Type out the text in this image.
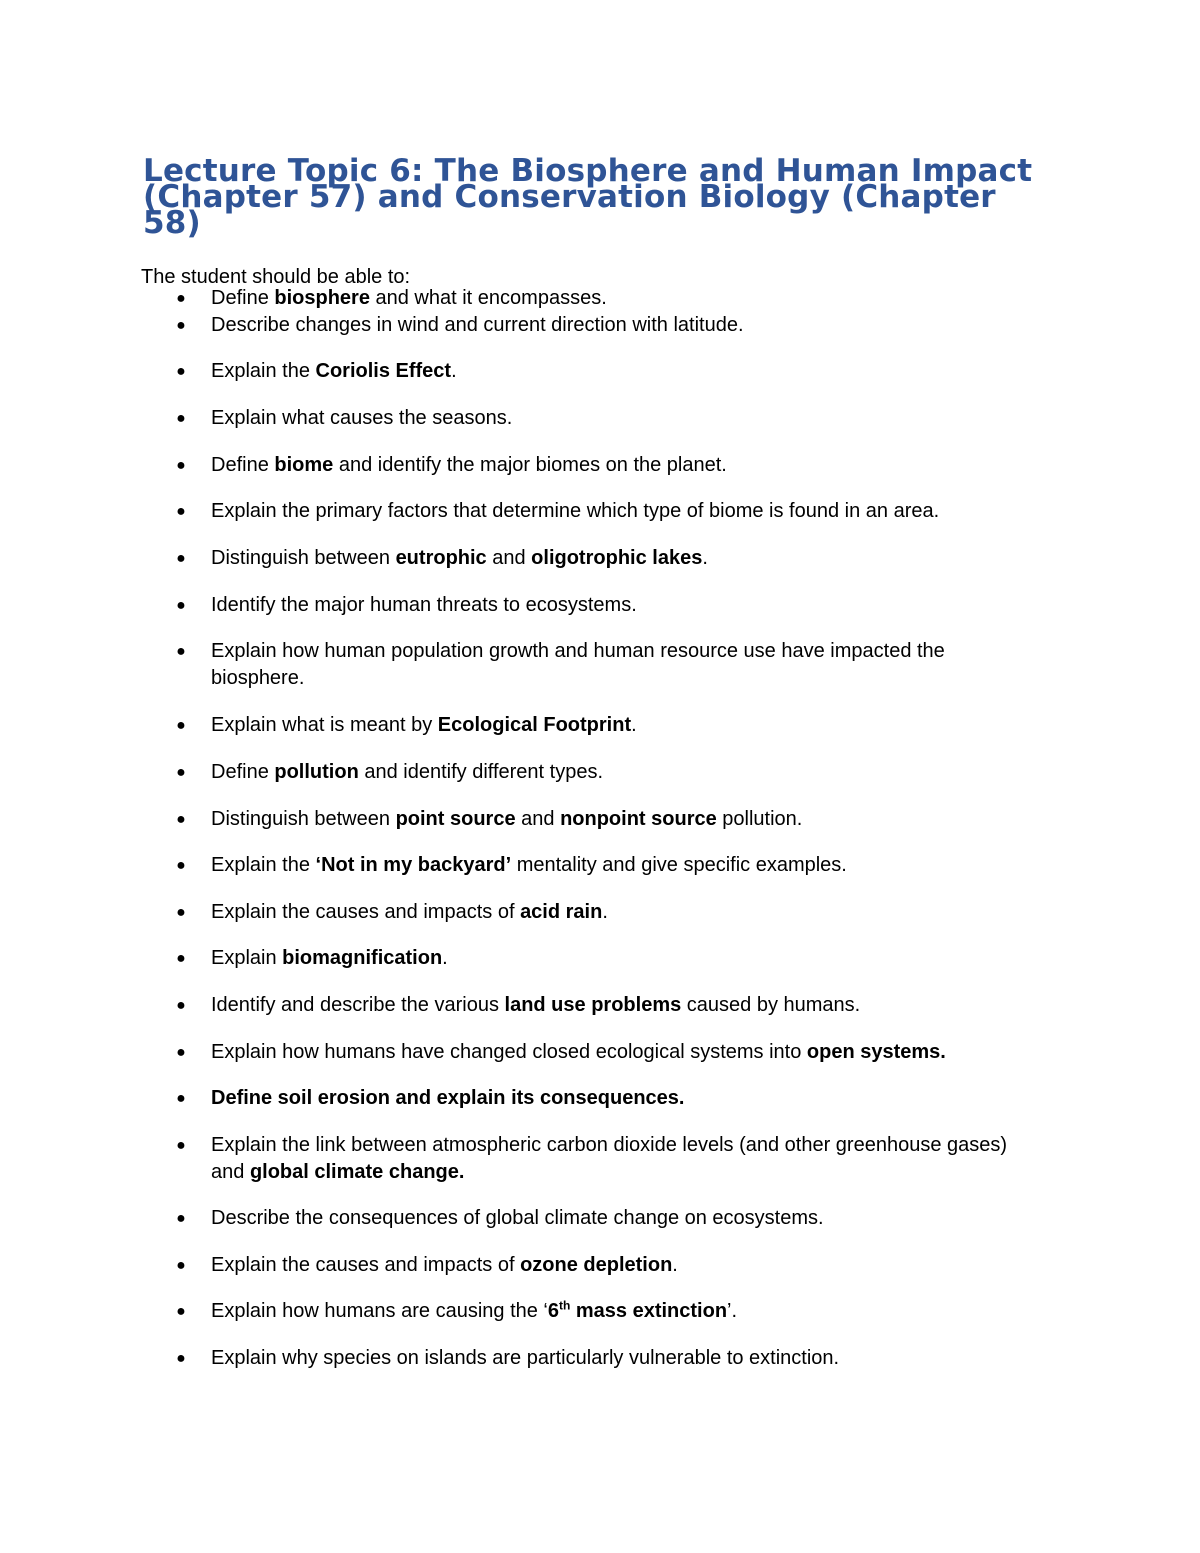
Lecture Topic 6: The Biosphere and Human Impact (Chapter 57) and Conservation Biology (Chapter 58)

The student should be able to:

● Define biosphere and what it encompasses.
● Describe changes in wind and current direction with latitude.
● Explain the Coriolis Effect.
● Explain what causes the seasons.
● Define biome and identify the major biomes on the planet.
● Explain the primary factors that determine which type of biome is found in an area.
● Distinguish between eutrophic and oligotrophic lakes.
● Identify the major human threats to ecosystems.
● Explain how human population growth and human resource use have impacted the biosphere.
● Explain what is meant by Ecological Footprint.
● Define pollution and identify different types.
● Distinguish between point source and nonpoint source pollution.
● Explain the ‘Not in my backyard’ mentality and give specific examples.
● Explain the causes and impacts of acid rain.
● Explain biomagnification.
● Identify and describe the various land use problems caused by humans.
● Explain how humans have changed closed ecological systems into open systems.
● Define soil erosion and explain its consequences.
● Explain the link between atmospheric carbon dioxide levels (and other greenhouse gases) and global climate change.
● Describe the consequences of global climate change on ecosystems.
● Explain the causes and impacts of ozone depletion.
● Explain how humans are causing the ‘6th mass extinction’.
● Explain why species on islands are particularly vulnerable to extinction.
